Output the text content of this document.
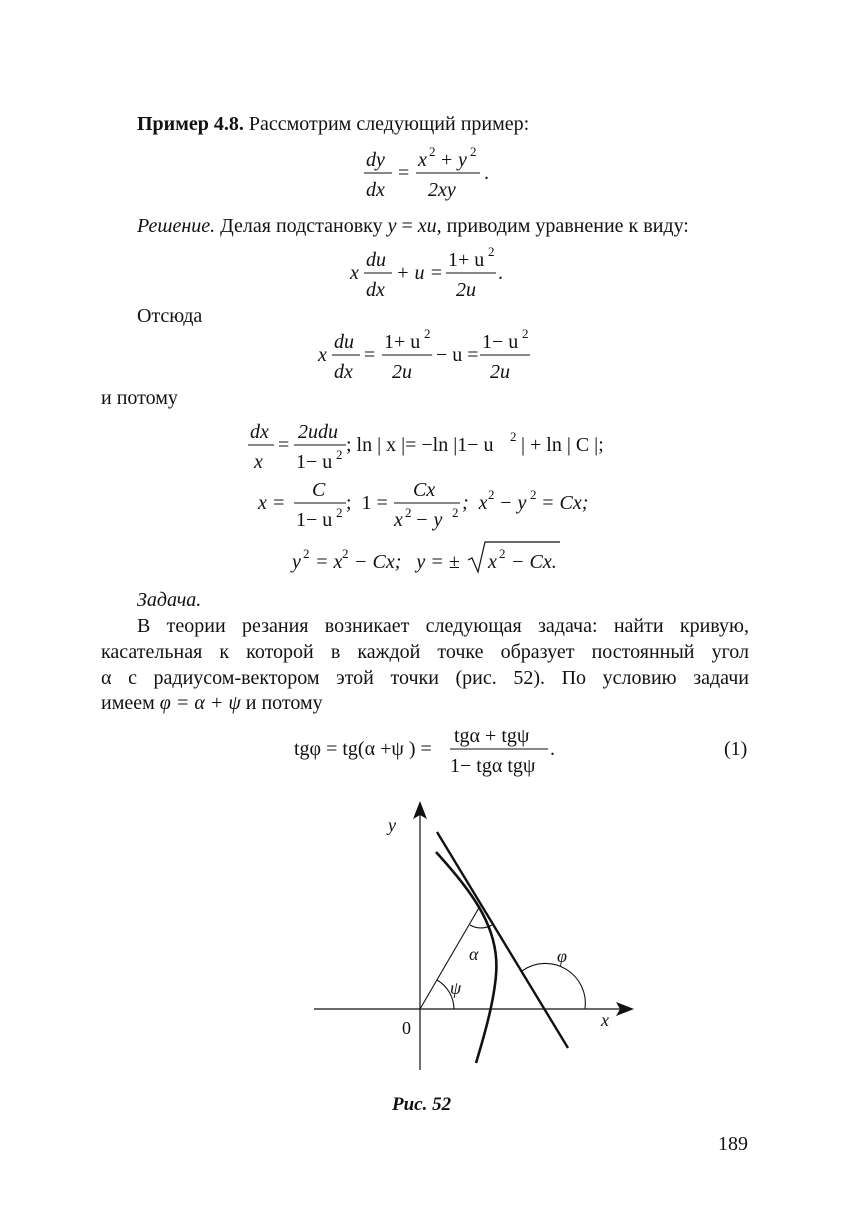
Пример 4.8. Рассмотрим следующий пример:
dy
dx
=
x 2 + y 2
2xy
.
Решение. Делая подстановку y = xu, приводим уравнение к виду:
x
du
dx
+ u =
1+ u 2
2u
.
Отсюда
x
du
dx
=
1+ u 2
2u
− u =
1− u 2
2u
и потому
dx
x
=
2udu
1− u 2 ; ln | x |= −ln |1− u 2 | + ln | C |;
x =
C
1− u 2 ;  1 =
Cx
x 2
− y 2 ;  x 2 − y 2 = Cx;
y 2 = x 2 − Cx;   y = ± x 2 − Cx.
Задача.
В теории резания возникает следующая задача: найти кривую,
касательная к которой в каждой точке образует постоянный угол
α с радиусом-вектором этой точки (рис. 52). По условию задачи
имеем φ = α + ψ и потому
tgφ = tg(α +ψ ) =
tgα + tgψ
1− tgα tgψ
.	(1)
y
x
0
α	φ
ψ
Рис. 52
189
